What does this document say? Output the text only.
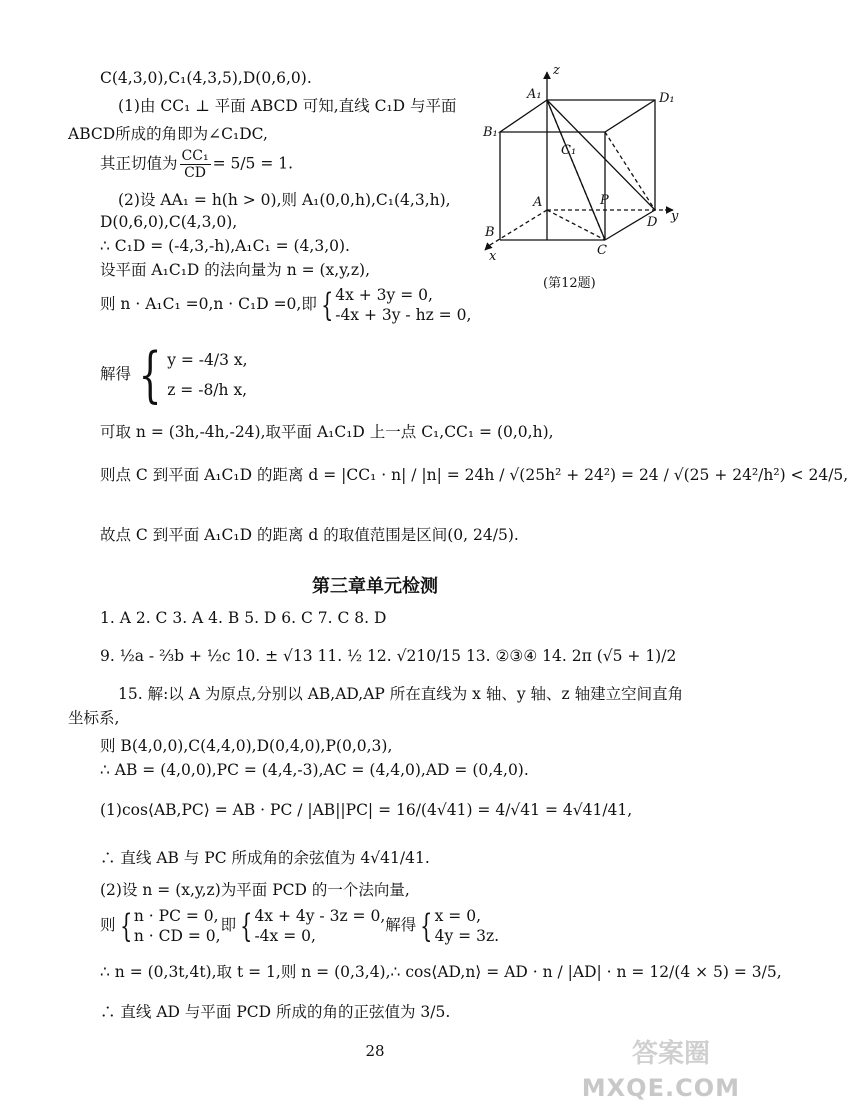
C(4,3,0),C₁(4,3,5),D(0,6,0).
(1)由 CC₁ ⊥ 平面 ABCD 可知,直线 C₁D 与平面
ABCD所成的角即为∠C₁DC,
其正切值为 $\frac{\text{CC₁}}{CD} = 5/5 = 1$.
(2)设 AA₁ = h(h > 0),则 A₁(0,0,h),C₁(4,3,h),
D(0,6,0),C(4,3,0),
∴ C₁D = (-4,3,-h),A₁C₁ = (4,3,0).
设平面 A₁C₁D 的法向量为 n = (x,y,z),
则 n · A₁C₁ =0,n · C₁D =0,即 { 4x + 3y = 0,
-4x + 3y - hz = 0,
解得 { y = -4/3 x,
z = -8/h x,
可取 n = (3h,-4h,-24),取平面 A₁C₁D 上一点 C₁,CC₁ = (0,0,h),
则点 C 到平面 A₁C₁D 的距离 d = |CC₁ · n| / |n| = 24h / √(25h² + 24²) = 24 / √(25 + 24²/h²) < 24/5,
故点 C 到平面 A₁C₁D 的距离 d 的取值范围是区间(0, 24/5).
z
A₁	D₁
B₁
C₁
A	P
D y
B
C
x
(第12题)
第三章单元检测
1. A 2. C 3. A 4. B 5. D 6. C 7. C 8. D
9. ½a - ⅔b + ½c 10. ± √13 11. ½ 12. √210/15 13. ②③④ 14. 2π (√5 + 1)/2
15. 解:以 A 为原点,分别以 AB,AD,AP 所在直线为 x 轴、y 轴、z 轴建立空间直角
坐标系,
则 B(4,0,0),C(4,4,0),D(0,4,0),P(0,0,3),
∴ AB = (4,0,0),PC = (4,4,-3),AC = (4,4,0),AD = (0,4,0).
(1)cos⟨AB,PC⟩ = AB · PC / |AB||PC| = 16/(4√41) = 4/√41 = 4√41/41,
∴ 直线 AB 与 PC 所成角的余弦值为 4√41/41.
(2)设 n = (x,y,z)为平面 PCD 的一个法向量,
则 { n · PC = 0,
n · CD = 0,
即 { 4x + 4y - 3z = 0,
-4x = 0,
解得 { x = 0,
4y = 3z.
∴ n = (0,3t,4t),取 t = 1,则 n = (0,3,4),∴ cos⟨AD,n⟩ = AD · n / |AD| · n = 12/(4 × 5) = 3/5,
∴ 直线 AD 与平面 PCD 所成的角的正弦值为 3/5.
28	答案圈
MXQE.COM
